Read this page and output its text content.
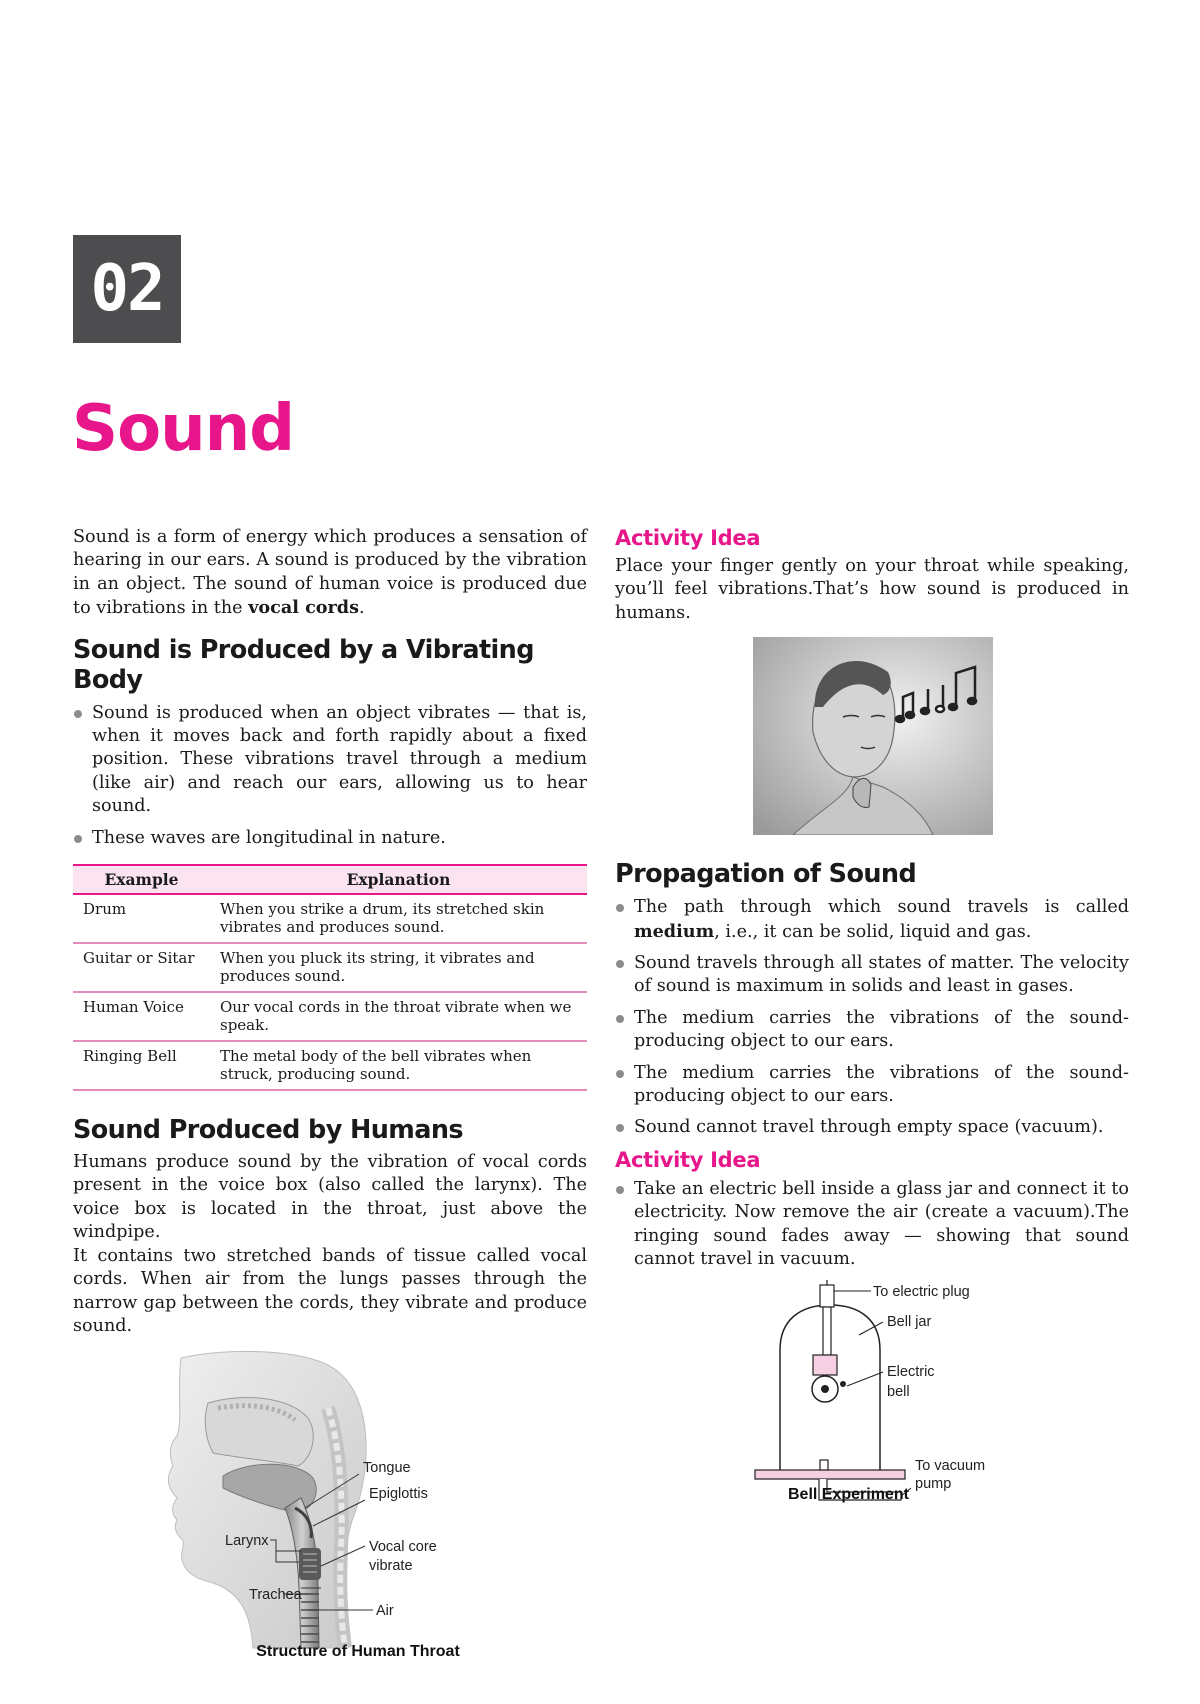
02
Sound

Sound is a form of energy which produces a sensation of hearing in our ears. A sound is produced by the vibration in an object. The sound of human voice is produced due to vibrations in the vocal cords.

Sound is Produced by a Vibrating Body
Sound is produced when an object vibrates — that is, when it moves back and forth rapidly about a fixed position. These vibrations travel through a medium (like air) and reach our ears, allowing us to hear sound.
These waves are longitudinal in nature.
Example	Explanation
Drum	When you strike a drum, its stretched skin vibrates and produces sound.
Guitar or Sitar	When you pluck its string, it vibrates and produces sound.
Human Voice	Our vocal cords in the throat vibrate when we speak.
Ringing Bell	The metal body of the bell vibrates when struck, producing sound.
Sound Produced by Humans

Humans produce sound by the vibration of vocal cords present in the voice box (also called the larynx). The voice box is located in the throat, just above the windpipe.

It contains two stretched bands of tissue called vocal cords. When air from the lungs passes through the narrow gap between the cords, they vibrate and produce sound.

Tongue
Epiglottis
Larynx	Vocal core
vibrate
Trachea
Air
Structure of Human Throat
Activity Idea

Place your finger gently on your throat while speaking, you’ll feel vibrations.That’s how sound is produced in humans.

Propagation of Sound
The path through which sound travels is called medium, i.e., it can be solid, liquid and gas.
Sound travels through all states of matter. The velocity of sound is maximum in solids and least in gases.
The medium carries the vibrations of the sound-producing object to our ears.
The medium carries the vibrations of the sound-producing object to our ears.
Sound cannot travel through empty space (vacuum).
Activity Idea
Take an electric bell inside a glass jar and connect it to electricity. Now remove the air (create a vacuum).The ringing sound fades away — showing that sound cannot travel in vacuum.
To electric plug
Bell jar
Electric
bell
To vacuum
pump
Bell Experiment
